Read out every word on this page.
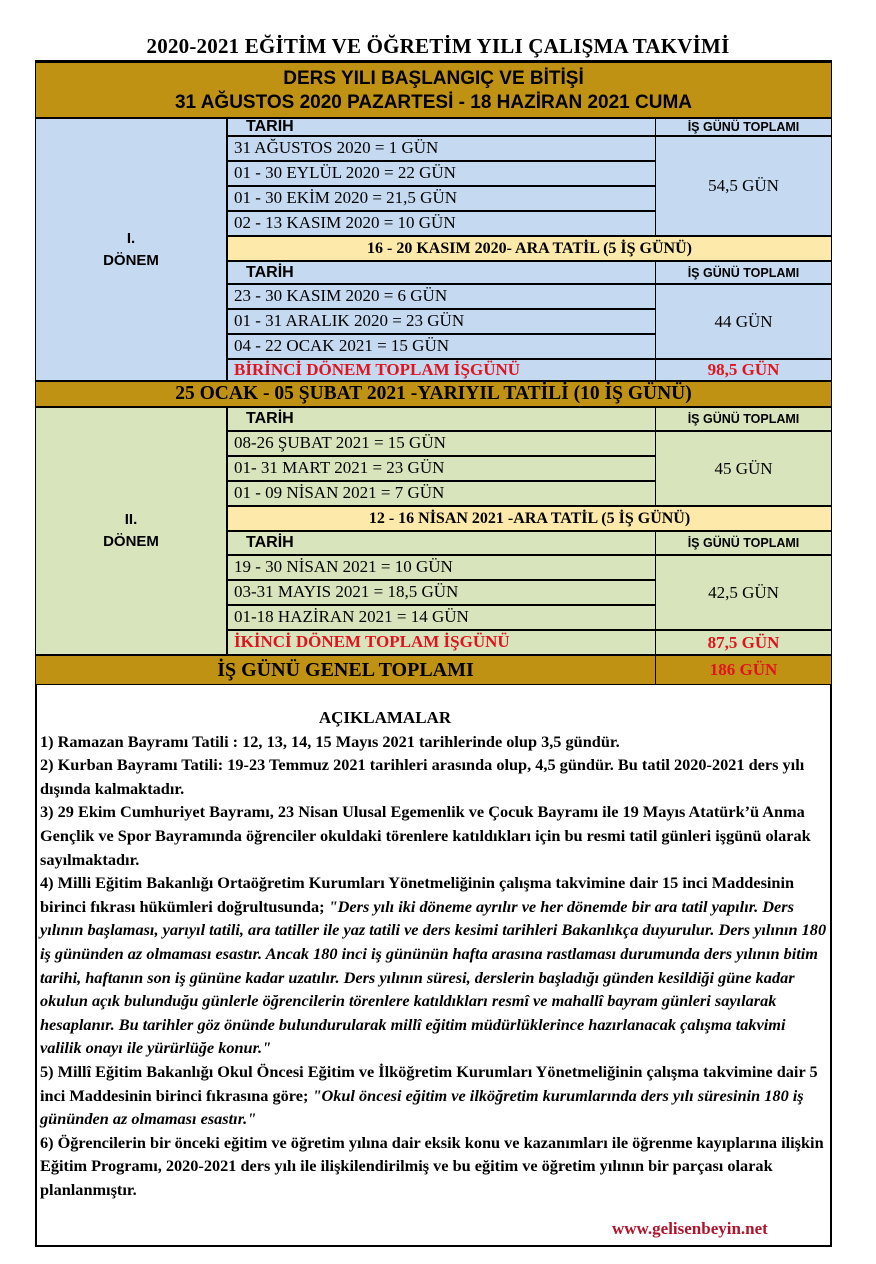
2020-2021 EĞİTİM VE ÖĞRETİM YILI ÇALIŞMA TAKVİMİ
DERS YILI BAŞLANGIÇ VE BİTİŞİ
31 AĞUSTOS 2020 PAZARTESİ - 18 HAZİRAN 2021 CUMA
I.
DÖNEM
TARİH	İŞ GÜNÜ TOPLAMI
31 AĞUSTOS 2020 = 1 GÜN
01 - 30 EYLÜL 2020 = 22 GÜN
01 - 30 EKİM 2020 = 21,5 GÜN
02 - 13 KASIM 2020 = 10 GÜN
54,5 GÜN
16 - 20 KASIM 2020- ARA TATİL (5 İŞ GÜNÜ)
TARİH	İŞ GÜNÜ TOPLAMI
23 - 30 KASIM 2020 = 6 GÜN
01 - 31 ARALIK 2020 = 23 GÜN
04 - 22 OCAK 2021 = 15 GÜN
44 GÜN
BİRİNCİ DÖNEM TOPLAM İŞGÜNÜ	98,5 GÜN
25 OCAK - 05 ŞUBAT 2021 -YARIYIL TATİLİ (10 İŞ GÜNÜ)
II.
DÖNEM
TARİH	İŞ GÜNÜ TOPLAMI
08-26 ŞUBAT 2021 = 15 GÜN
01- 31 MART 2021 = 23 GÜN
01 - 09 NİSAN 2021 = 7 GÜN
45 GÜN
12 - 16 NİSAN 2021 -ARA TATİL (5 İŞ GÜNÜ)
TARİH	İŞ GÜNÜ TOPLAMI
19 - 30 NİSAN 2021 = 10 GÜN
03-31 MAYIS 2021 = 18,5 GÜN
01-18 HAZİRAN 2021 = 14 GÜN
42,5 GÜN
İKİNCİ DÖNEM TOPLAM İŞGÜNÜ	87,5 GÜN
İŞ GÜNÜ GENEL TOPLAMI	186 GÜN
AÇIKLAMALAR

1) Ramazan Bayramı Tatili : 12, 13, 14, 15 Mayıs 2021 tarihlerinde olup 3,5 gündür.

2) Kurban Bayramı Tatili: 19-23 Temmuz 2021 tarihleri arasında olup, 4,5 gündür. Bu tatil 2020-2021 ders yılı dışında kalmaktadır.

3) 29 Ekim Cumhuriyet Bayramı, 23 Nisan Ulusal Egemenlik ve Çocuk Bayramı ile 19 Mayıs Atatürk’ü Anma Gençlik ve Spor Bayramında öğrenciler okuldaki törenlere katıldıkları için bu resmi tatil günleri işgünü olarak sayılmaktadır.

4) Milli Eğitim Bakanlığı Ortaöğretim Kurumları Yönetmeliğinin çalışma takvimine dair 15 inci Maddesinin birinci fıkrası hükümleri doğrultusunda; "Ders yılı iki döneme ayrılır ve her dönemde bir ara tatil yapılır. Ders yılının başlaması, yarıyıl tatili, ara tatiller ile yaz tatili ve ders kesimi tarihleri Bakanlıkça duyurulur. Ders yılının 180 iş gününden az olmaması esastır. Ancak 180 inci iş gününün hafta arasına rastlaması durumunda ders yılının bitim tarihi, haftanın son iş gününe kadar uzatılır. Ders yılının süresi, derslerin başladığı günden kesildiği güne kadar okulun açık bulunduğu günlerle öğrencilerin törenlere katıldıkları resmî ve mahallî bayram günleri sayılarak hesaplanır. Bu tarihler göz önünde bulundurularak millî eğitim müdürlüklerince hazırlanacak çalışma takvimi valilik onayı ile yürürlüğe konur."

5) Millî Eğitim Bakanlığı Okul Öncesi Eğitim ve İlköğretim Kurumları Yönetmeliğinin çalışma takvimine dair 5 inci Maddesinin birinci fıkrasına göre; "Okul öncesi eğitim ve ilköğretim kurumlarında ders yılı süresinin 180 iş gününden az olmaması esastır."

6) Öğrencilerin bir önceki eğitim ve öğretim yılına dair eksik konu ve kazanımları ile öğrenme kayıplarına ilişkin Eğitim Programı, 2020-2021 ders yılı ile ilişkilendirilmiş ve bu eğitim ve öğretim yılının bir parçası olarak planlanmıştır.

www.gelisenbeyin.net
